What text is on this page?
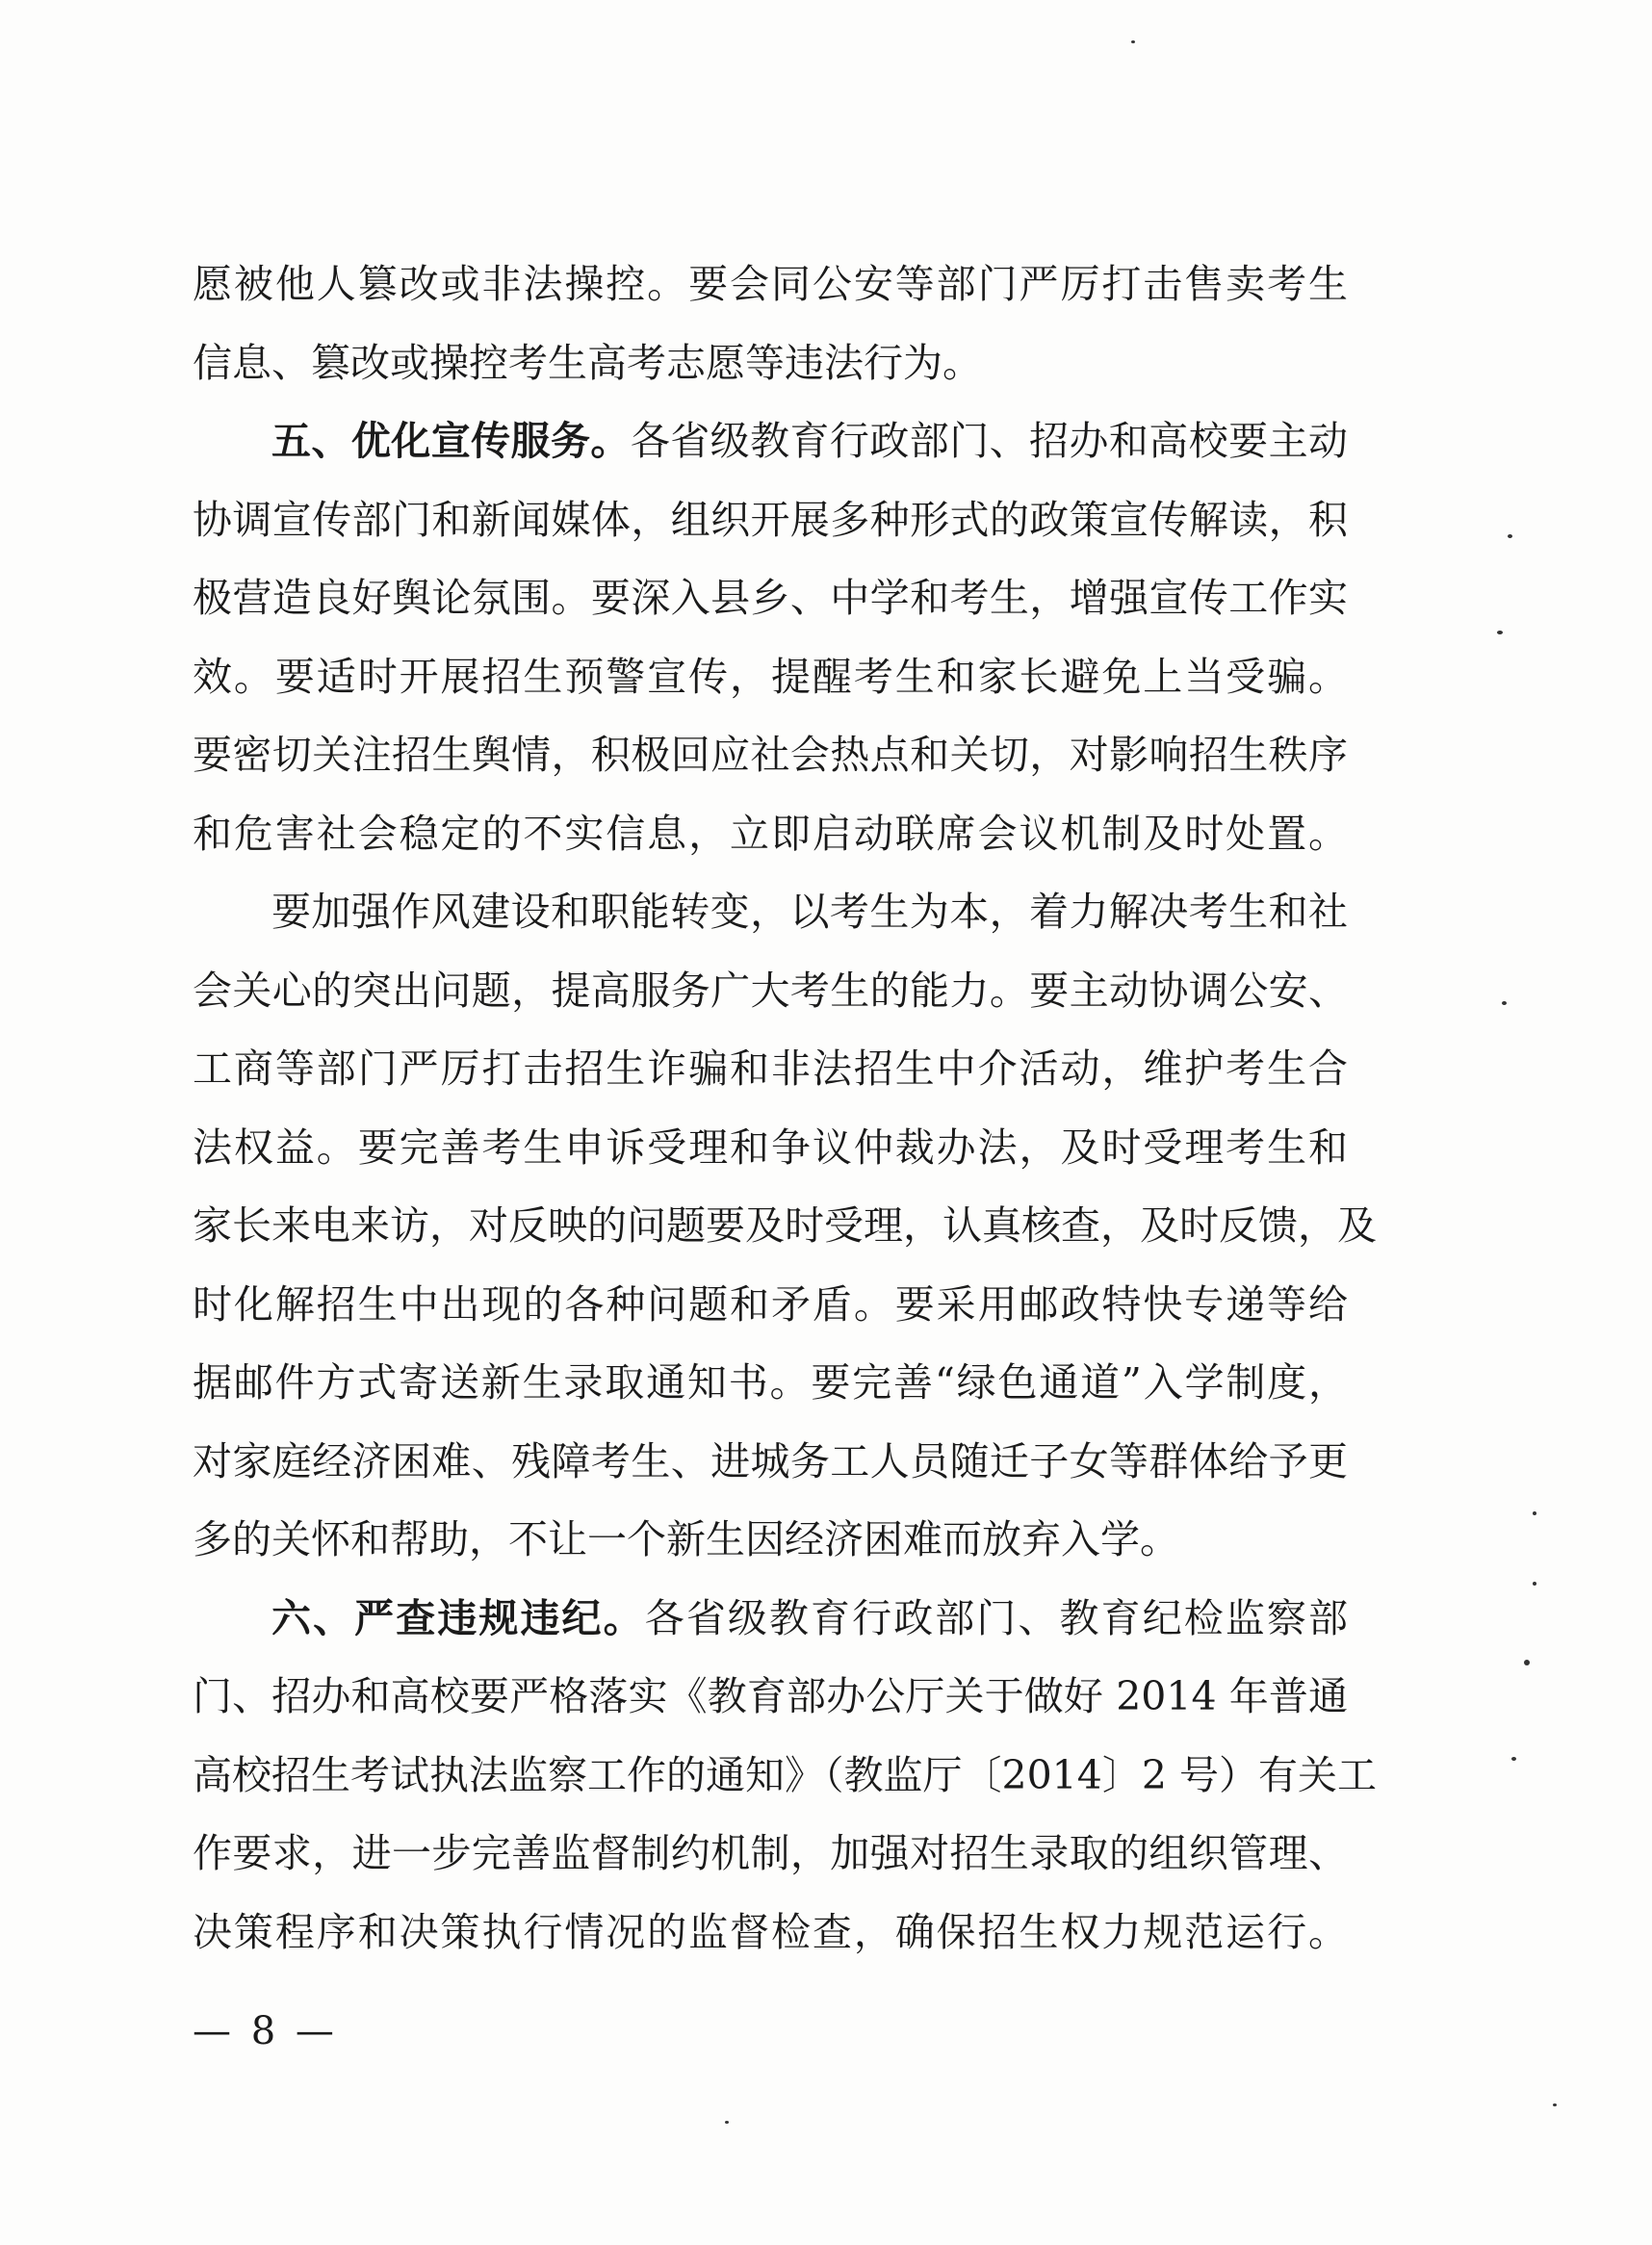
愿被他人篡改或非法操控。要会同公安等部门严厉打击售卖考生
信息、篡改或操控考生高考志愿等违法行为。
五、优化宣传服务。各省级教育行政部门、招办和高校要主动
协调宣传部门和新闻媒体，组织开展多种形式的政策宣传解读，积
极营造良好舆论氛围。要深入县乡、中学和考生，增强宣传工作实
效。要适时开展招生预警宣传，提醒考生和家长避免上当受骗。
要密切关注招生舆情，积极回应社会热点和关切，对影响招生秩序
和危害社会稳定的不实信息，立即启动联席会议机制及时处置。
要加强作风建设和职能转变，以考生为本，着力解决考生和社
会关心的突出问题，提高服务广大考生的能力。要主动协调公安、
工商等部门严厉打击招生诈骗和非法招生中介活动，维护考生合
法权益。要完善考生申诉受理和争议仲裁办法，及时受理考生和
家长来电来访，对反映的问题要及时受理，认真核查，及时反馈，及
时化解招生中出现的各种问题和矛盾。要采用邮政特快专递等给
据邮件方式寄送新生录取通知书。要完善“绿色通道”入学制度，
对家庭经济困难、残障考生、进城务工人员随迁子女等群体给予更
多的关怀和帮助，不让一个新生因经济困难而放弃入学。
六、严查违规违纪。各省级教育行政部门、教育纪检监察部
门、招办和高校要严格落实《教育部办公厅关于做好 2014 年普通
高校招生考试执法监察工作的通知》（教监厅〔2014〕2 号）有关工
作要求，进一步完善监督制约机制，加强对招生录取的组织管理、
决策程序和决策执行情况的监督检查，确保招生权力规范运行。
— 8 —
